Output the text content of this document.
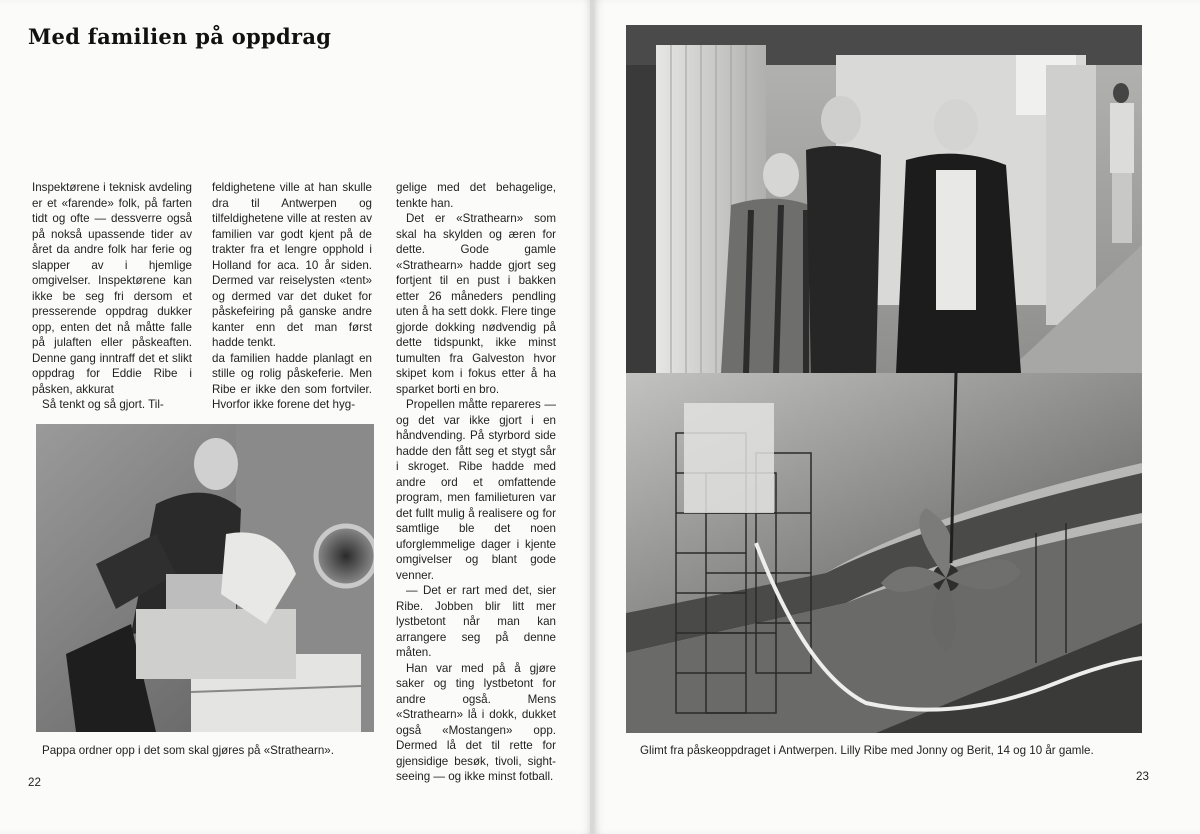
Med familien på oppdrag

Inspektørene i teknisk avdeling er et «farende» folk, på farten tidt og ofte — dessverre også på nokså upassende tider av året da andre folk har ferie og slapper av i hjemlige omgivelser. Inspektørene kan ikke be seg fri dersom et presserende oppdrag dukker opp, enten det nå måtte falle på julaften eller påskeaften. Denne gang inntraff det et slikt oppdrag for Eddie Ribe i påsken, akkurat

Så tenkt og så gjort. Til-

feldighetene ville at han skulle dra til Antwerpen og tilfeldighetene ville at resten av familien var godt kjent på de trakter fra et lengre opphold i Holland for aca. 10 år siden. Dermed var reiselysten «tent» og dermed var det duket for påskefeiring på ganske andre kanter enn det man først hadde tenkt.

da familien hadde planlagt en stille og rolig påskeferie. Men Ribe er ikke den som fortviler. Hvorfor ikke forene det hyg-

gelige med det behagelige, tenkte han.

Det er «Strathearn» som skal ha skylden og æren for dette. Gode gamle «Strathearn» hadde gjort seg fortjent til en pust i bakken etter 26 måneders pendling uten å ha sett dokk. Flere tinge gjorde dokking nødvendig på dette tidspunkt, ikke minst tumulten fra Galveston hvor skipet kom i fokus etter å ha sparket borti en bro.

Propellen måtte repareres — og det var ikke gjort i en håndvending. På styrbord side hadde den fått seg et stygt sår i skroget. Ribe hadde med andre ord et omfattende program, men familieturen var det fullt mulig å realisere og for samtlige ble det noen uforglemmelige dager i kjente omgivelser og blant gode venner.

— Det er rart med det, sier Ribe. Jobben blir litt mer lystbetont når man kan arrangere seg på denne måten.

Han var med på å gjøre saker og ting lystbetont for andre også. Mens «Strathearn» lå i dokk, dukket også «Mostangen» opp. Dermed lå det til rette for gjensidige besøk, tivoli, sight-seeing — og ikke minst fotball.

Pappa ordner opp i det som skal gjøres på «Strathearn».
22
Glimt fra påskeoppdraget i Antwerpen. Lilly Ribe med Jonny og Berit, 14 og 10 år gamle.
23
